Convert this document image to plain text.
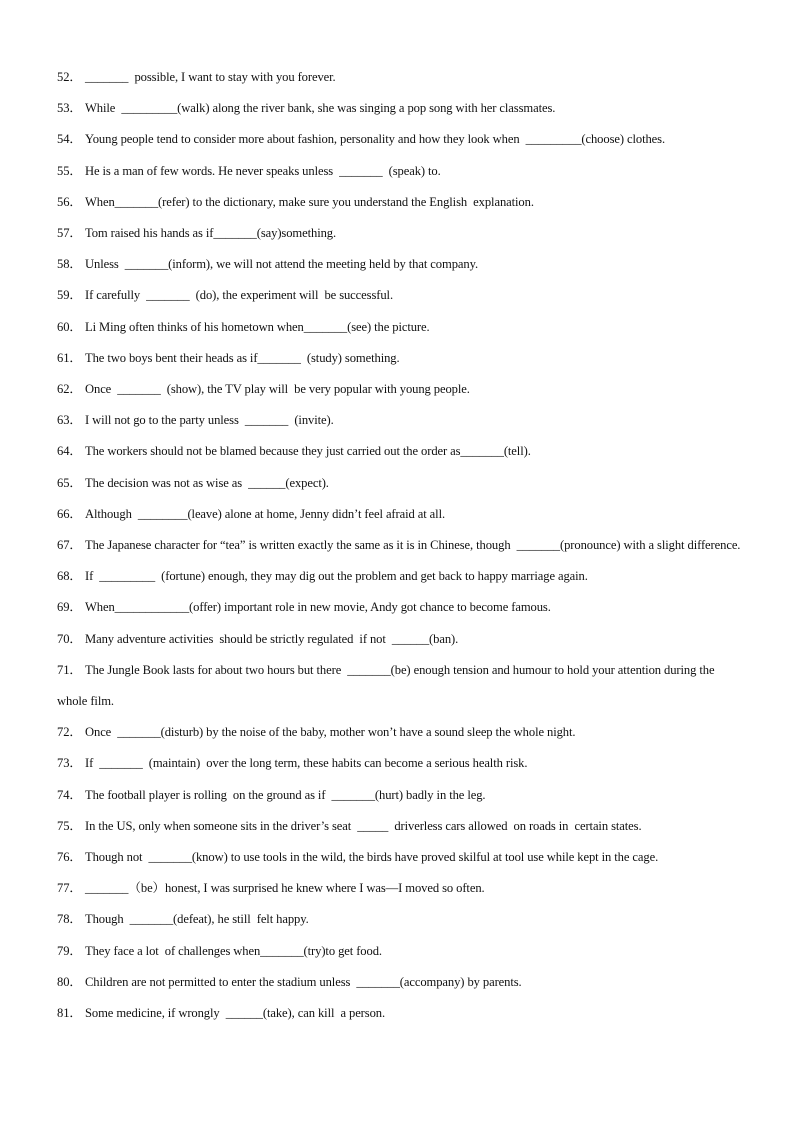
52． _______  possible, I want to stay with you forever.
53． While  _________(walk) along the river bank, she was singing a pop song with her classmates.
54． Young people tend to consider more about fashion, personality and how they look when  _________(choose) clothes.
55． He is a man of few words. He never speaks unless  _______  (speak) to.
56． When_______(refer) to the dictionary, make sure you understand the English  explanation.
57． Tom raised his hands as if_______(say)something.
58． Unless  _______(inform), we will not attend the meeting held by that company.
59． If carefully  _______  (do), the experiment will  be successful.
60． Li Ming often thinks of his hometown when_______(see) the picture.
61． The two boys bent their heads as if_______  (study) something.
62． Once  _______  (show), the TV play will  be very popular with young people.
63． I will not go to the party unless  _______  (invite).
64． The workers should not be blamed because they just carried out the order as_______(tell).
65． The decision was not as wise as  ______(expect).
66． Although  ________(leave) alone at home, Jenny didn’t feel afraid at all.
67． The Japanese character for “tea” is written exactly the same as it is in Chinese, though  _______(pronounce) with a slight difference.
68． If  _________  (fortune) enough, they may dig out the problem and get back to happy marriage again.
69． When____________(offer) important role in new movie, Andy got chance to become famous.
70． Many adventure activities  should be strictly regulated  if not  ______(ban).
71． The Jungle Book lasts for about two hours but there  _______(be) enough tension and humour to hold your attention during the whole film.
72． Once  _______(disturb) by the noise of the baby, mother won’t have a sound sleep the whole night.
73． If  _______  (maintain)  over the long term, these habits can become a serious health risk.
74． The football player is rolling  on the ground as if  _______(hurt) badly in the leg.
75． In the US, only when someone sits in the driver’s seat  _____  driverless cars allowed  on roads in  certain states.
76． Though not  _______(know) to use tools in the wild, the birds have proved skilful at tool use while kept in the cage.
77． _______（be）honest, I was surprised he knew where I was—I moved so often.
78． Though  _______(defeat), he still  felt happy.
79． They face a lot  of challenges when_______(try)to get food.
80． Children are not permitted to enter the stadium unless  _______(accompany) by parents.
81． Some medicine, if wrongly  ______(take), can kill  a person.
